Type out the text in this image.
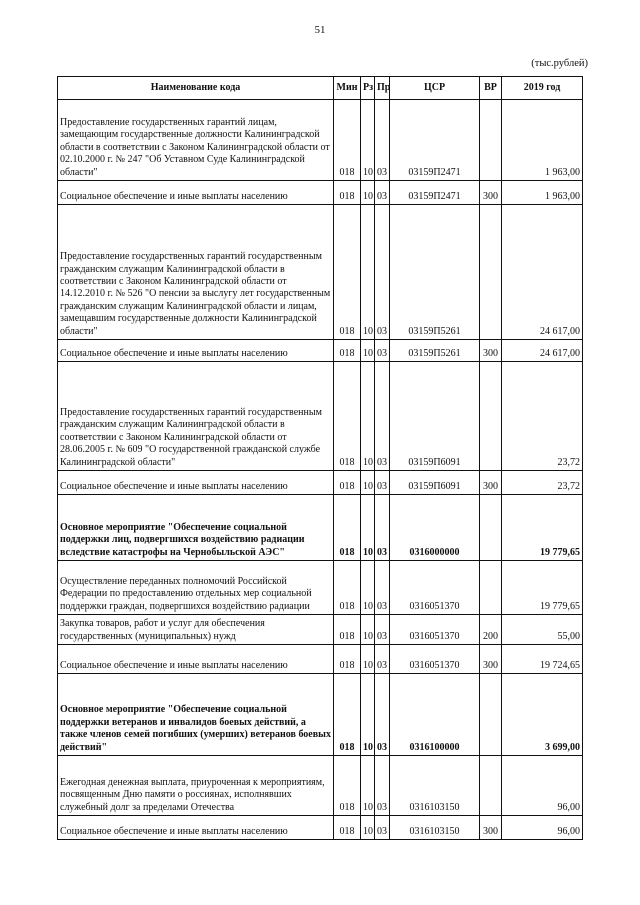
51
(тыс.рублей)
Наименование кода	Мин	Рз	Пр	ЦСР	ВР	2019 год
Предоставление государственных гарантий лицам, замещающим государственные должности Калининградской области в соответствии с Законом Калининградской области от 02.10.2000 г. № 247 "Об Уставном Суде Калининградской области"	018	10	03	03159П2471		1 963,00
Социальное обеспечение и иные выплаты населению	018	10	03	03159П2471	300	1 963,00
Предоставление государственных гарантий государственным гражданским служащим Калининградской области в соответствии с Законом Калининградской области от 14.12.2010 г. № 526 "О пенсии за выслугу лет государственным гражданским служащим Калининградской области и лицам, замещавшим государственные должности Калининградской области"	018	10	03	03159П5261		24 617,00
Социальное обеспечение и иные выплаты населению	018	10	03	03159П5261	300	24 617,00
Предоставление государственных гарантий государственным гражданским служащим Калининградской области в соответствии с Законом Калининградской области от 28.06.2005 г. № 609 "О государственной гражданской службе Калининградской области"	018	10	03	03159П6091		23,72
Социальное обеспечение и иные выплаты населению	018	10	03	03159П6091	300	23,72
Основное мероприятие "Обеспечение социальной поддержки лиц, подвергшихся воздействию радиации вследствие катастрофы на Чернобыльской АЭС"	018	10	03	0316000000		19 779,65
Осуществление переданных полномочий Российской Федерации по предоставлению отдельных мер социальной поддержки граждан, подвергшихся воздействию радиации	018	10	03	0316051370		19 779,65
Закупка товаров, работ и услуг для обеспечения государственных (муниципальных) нужд	018	10	03	0316051370	200	55,00
Социальное обеспечение и иные выплаты населению	018	10	03	0316051370	300	19 724,65
Основное мероприятие "Обеспечение социальной поддержки ветеранов и инвалидов боевых действий, а также членов семей погибших (умерших) ветеранов боевых действий"	018	10	03	0316100000		3 699,00
Ежегодная денежная выплата, приуроченная к мероприятиям, посвященным Дню памяти о россиянах, исполнявших служебный долг за пределами Отечества	018	10	03	0316103150		96,00
Социальное обеспечение и иные выплаты населению	018	10	03	0316103150	300	96,00
